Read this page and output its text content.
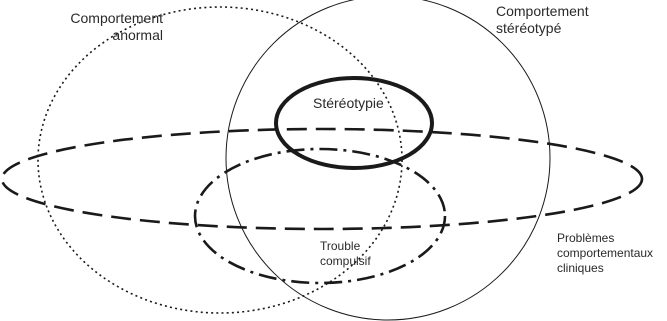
Comportement
anormal
Comportement
stéréotypé
Stéréotypie
Trouble
compulsif
Problèmes
comportementaux
cliniques
